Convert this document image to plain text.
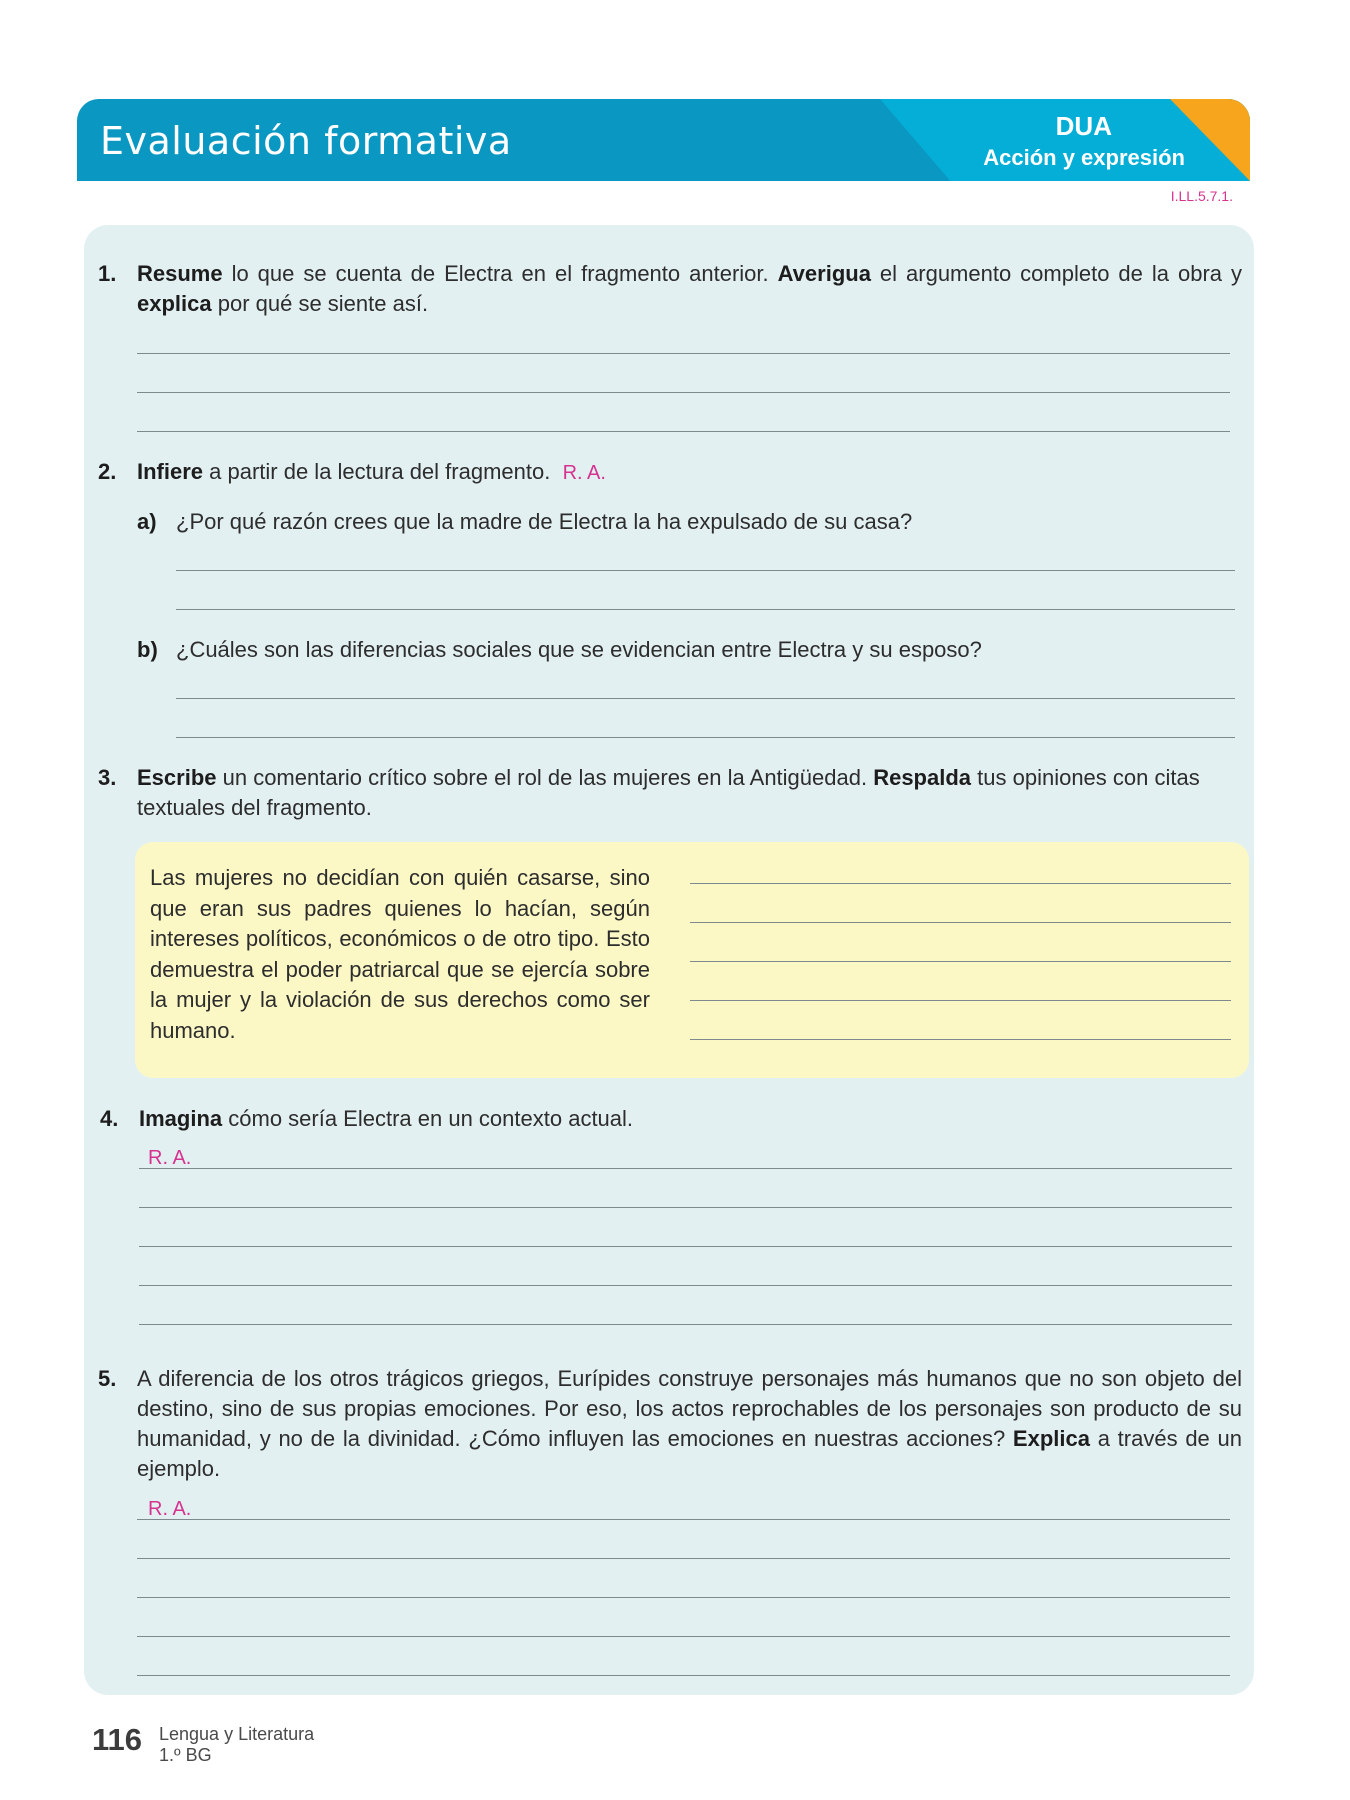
Evaluación formativa	DUA
Acción y expresión
I.LL.5.7.1.
1. Resume lo que se cuenta de Electra en el fragmento anterior. Averigua el argumento completo de la obra y explica por qué se siente así.
2. Infiere a partir de la lectura del fragmento. R. A.
a) ¿Por qué razón crees que la madre de Electra la ha expulsado de su casa?
b) ¿Cuáles son las diferencias sociales que se evidencian entre Electra y su esposo?
3. Escribe un comentario crítico sobre el rol de las mujeres en la Antigüedad. Respalda tus opiniones con citas textuales del fragmento.
Las mujeres no decidían con quién casarse, sino que eran sus padres quienes lo hacían, según intereses políticos, económicos o de otro tipo. Esto demuestra el poder patriarcal que se ejercía sobre la mujer y la violación de sus derechos como ser humano.
4. Imagina cómo sería Electra en un contexto actual.
R. A.
5. A diferencia de los otros trágicos griegos, Eurípides construye personajes más humanos que no son objeto del destino, sino de sus propias emociones. Por eso, los actos reprochables de los personajes son producto de su humanidad, y no de la divinidad. ¿Cómo influyen las emociones en nuestras acciones? Explica a través de un ejemplo.
R. A.
116 Lengua y Literatura
1.º BG
